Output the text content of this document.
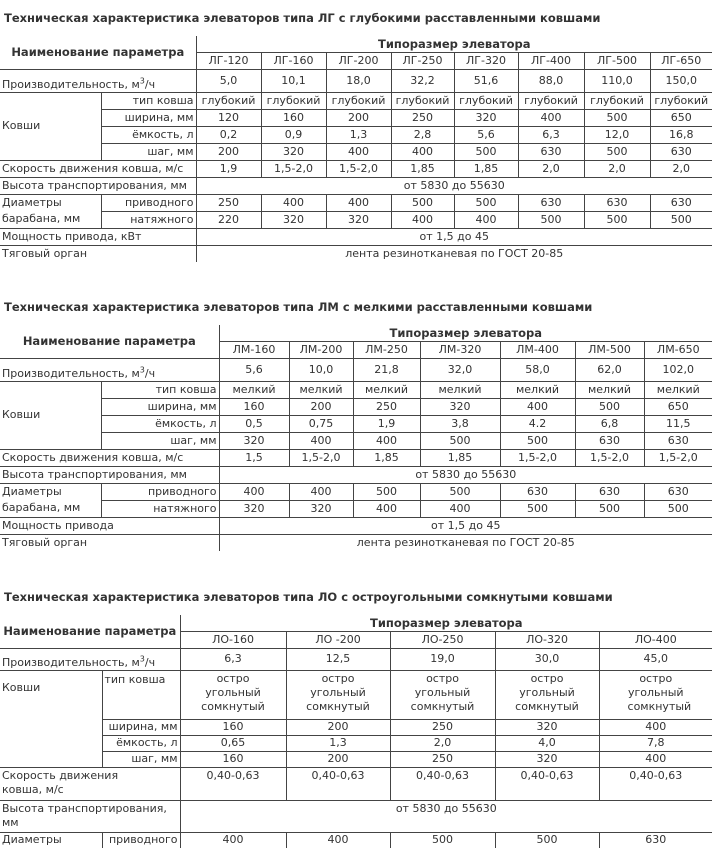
Техническая характеристика элеваторов типа ЛГ с глубокими расставленными ковшами
Наименование параметра		Типоразмер элеватора							
		ЛГ-120	ЛГ-160	ЛГ-200	ЛГ-250	ЛГ-320	ЛГ-400	ЛГ-500	ЛГ-650
Производительность, $м^3/ч$		5,0	10,1	18,0	32,2	51,6	88,0	110,0	150,0
Ковши	тип ковша	глубокий	глубокий	глубокий	глубокий	глубокий	глубокий	глубокий	глубокий
	ширина, мм	120	160	200	250	320	400	500	650
	ёмкость, л	0,2	0,9	1,3	2,8	5,6	6,3	12,0	16,8
	шаг, мм	200	320	400	400	500	630	500	630
Скорость движения ковша, м/с		1,9	1,5-2,0	1,5-2,0	1,85	1,85	2,0	2,0	2,0
Высота транспортирования, мм		от 5830 до 55630							
Диаметры	приводного	250	400	400	500	500	630	630	630
барабана, мм	натяжного	220	320	320	400	400	500	500	500
Мощность привода, кВт		от 1,5 до 45							
Тяговый орган		лента резинотканевая по ГОСТ 20-85							
Техническая характеристика элеваторов типа ЛМ с мелкими расставленными ковшами
Наименование параметра		Типоразмер элеватора						
		ЛМ-160	ЛМ-200	ЛМ-250	ЛМ-320	ЛМ-400	ЛМ-500	ЛМ-650
Производительность, $м^3/ч$		5,6	10,0	21,8	32,0	58,0	62,0	102,0
Ковши	тип ковша	мелкий	мелкий	мелкий	мелкий	мелкий	мелкий	мелкий
	ширина, мм	160	200	250	320	400	500	650
	ёмкость, л	0,5	0,75	1,9	3,8	4.2	6,8	11,5
	шаг, мм	320	400	400	500	500	630	630
Скорость движения ковша, м/с		1,5	1,5-2,0	1,85	1,85	1,5-2,0	1,5-2,0	1,5-2,0
Высота транспортирования, мм		от 5830 до 55630						
Диаметры	приводного	400	400	500	500	630	630	630
барабана, мм	натяжного	320	320	400	400	500	500	500
Мощность привода		от 1,5 до 45						
Тяговый орган		лента резинотканевая по ГОСТ 20-85						
Техническая характеристика элеваторов типа ЛО с остроугольными сомкнутыми ковшами
Наименование параметра		Типоразмер элеватора				
		ЛО-160	ЛО -200	ЛО-250	ЛО-320	ЛО-400
Производительность, $м^3/ч$		6,3	12,5	19,0	30,0	45,0
Ковши	тип ковша	остро угольный сомкнутый	остро угольный сомкнутый	остро угольный сомкнутый	остро угольный сомкнутый	остро угольный сомкнутый
	ширина, мм	160	200	250	320	400
	ёмкость, л	0,65	1,3	2,0	4,0	7,8
	шаг, мм	160	200	250	320	400
Скорость движения ковша, м/с		0,40-0,63	0,40-0,63	0,40-0,63	0,40-0,63	0,40-0,63
Высота транспортирования, мм		от 5830 до 55630				
Диаметры	приводного	400	400	500	500	630
